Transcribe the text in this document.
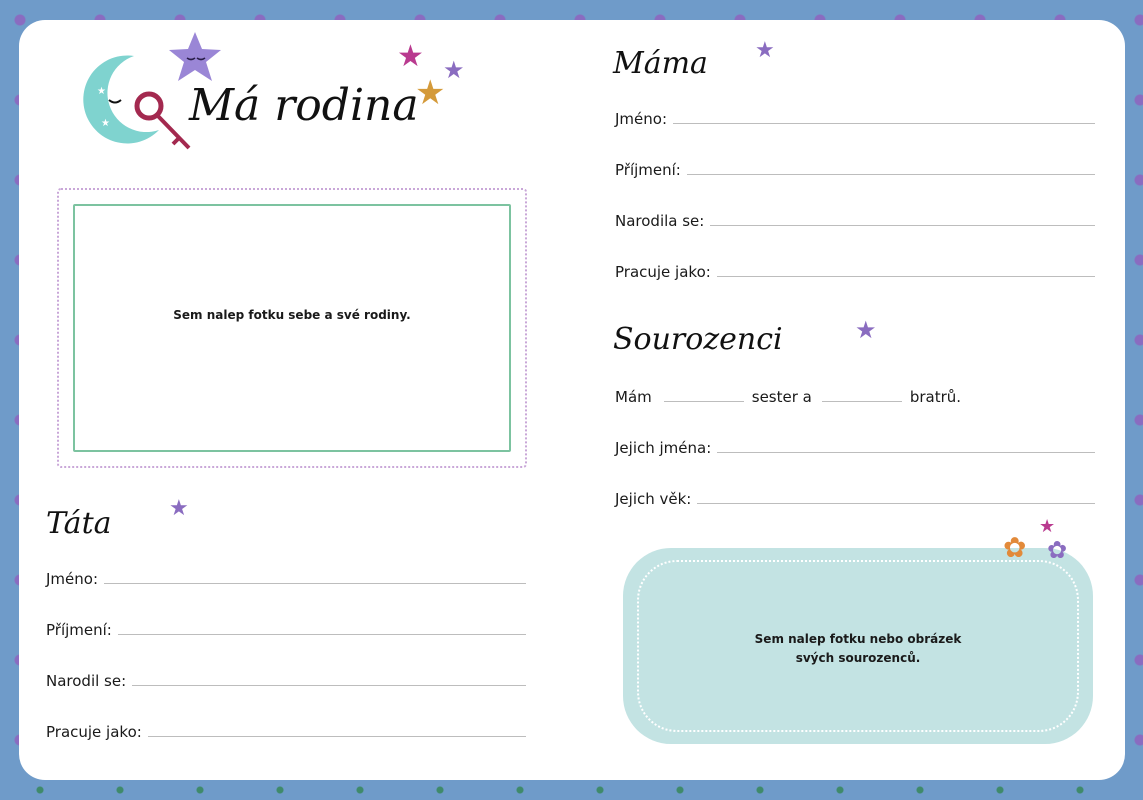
★
★
★
★ ★
★
Má rodina
Sem nalep fotku sebe a své rodiny.
★
Táta
Jméno:
Příjmení:
Narodil se:
Pracuje jako:
★
Máma
Jméno:
Příjmení:
Narodila se:
Pracuje jako:
★
Sourozenci
Mám	sester a	bratrů.
Jejich jména:
Jejich věk:
Sem nalep fotku nebo obrázek
svých sourozenců.
✿ ✿
★
